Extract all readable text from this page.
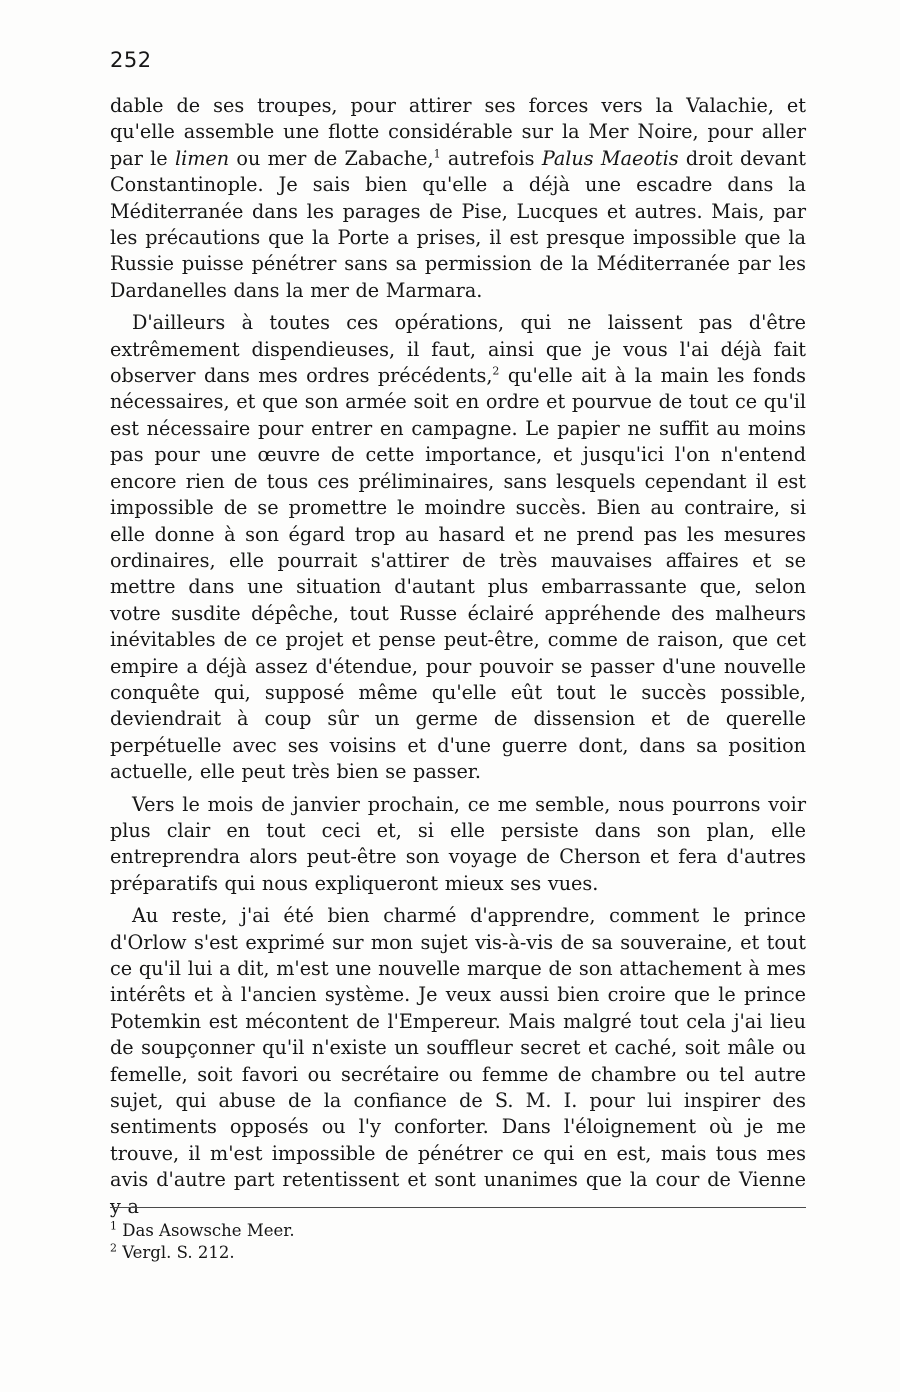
252

dable de ses troupes, pour attirer ses forces vers la Valachie, et qu'elle assemble une flotte considérable sur la Mer Noire, pour aller par le limen ou mer de Zabache,$^1$ autrefois Palus Maeotis droit devant Constantinople. Je sais bien qu'elle a déjà une escadre dans la Méditerranée dans les parages de Pise, Lucques et autres. Mais, par les précautions que la Porte a prises, il est presque impossible que la Russie puisse pénétrer sans sa permission de la Méditerranée par les Dardanelles dans la mer de Marmara.

D'ailleurs à toutes ces opérations, qui ne laissent pas d'être extrêmement dispendieuses, il faut, ainsi que je vous l'ai déjà fait observer dans mes ordres précédents,$^2$ qu'elle ait à la main les fonds nécessaires, et que son armée soit en ordre et pourvue de tout ce qu'il est nécessaire pour entrer en campagne. Le papier ne suffit au moins pas pour une œuvre de cette importance, et jusqu'ici l'on n'entend encore rien de tous ces préliminaires, sans lesquels cependant il est impossible de se promettre le moindre succès. Bien au contraire, si elle donne à son égard trop au hasard et ne prend pas les mesures ordinaires, elle pourrait s'attirer de très mauvaises affaires et se mettre dans une situation d'autant plus embarrassante que, selon votre susdite dépêche, tout Russe éclairé appréhende des malheurs inévitables de ce projet et pense peut-être, comme de raison, que cet empire a déjà assez d'étendue, pour pouvoir se passer d'une nouvelle conquête qui, supposé même qu'elle eût tout le succès possible, deviendrait à coup sûr un germe de dissension et de querelle perpétuelle avec ses voisins et d'une guerre dont, dans sa position actuelle, elle peut très bien se passer.

Vers le mois de janvier prochain, ce me semble, nous pourrons voir plus clair en tout ceci et, si elle persiste dans son plan, elle entreprendra alors peut-être son voyage de Cherson et fera d'autres préparatifs qui nous expliqueront mieux ses vues.

Au reste, j'ai été bien charmé d'apprendre, comment le prince d'Orlow s'est exprimé sur mon sujet vis-à-vis de sa souveraine, et tout ce qu'il lui a dit, m'est une nouvelle marque de son attachement à mes intérêts et à l'ancien système. Je veux aussi bien croire que le prince Potemkin est mécontent de l'Empereur. Mais malgré tout cela j'ai lieu de soupçonner qu'il n'existe un souffleur secret et caché, soit mâle ou femelle, soit favori ou secrétaire ou femme de chambre ou tel autre sujet, qui abuse de la confiance de S. M. I. pour lui inspirer des sentiments opposés ou l'y conforter. Dans l'éloignement où je me trouve, il m'est impossible de pénétrer ce qui en est, mais tous mes avis d'autre part retentissent et sont unanimes que la cour de Vienne y a

$^1$ Das Asowsche Meer.

$^2$ Vergl. S. 212.
